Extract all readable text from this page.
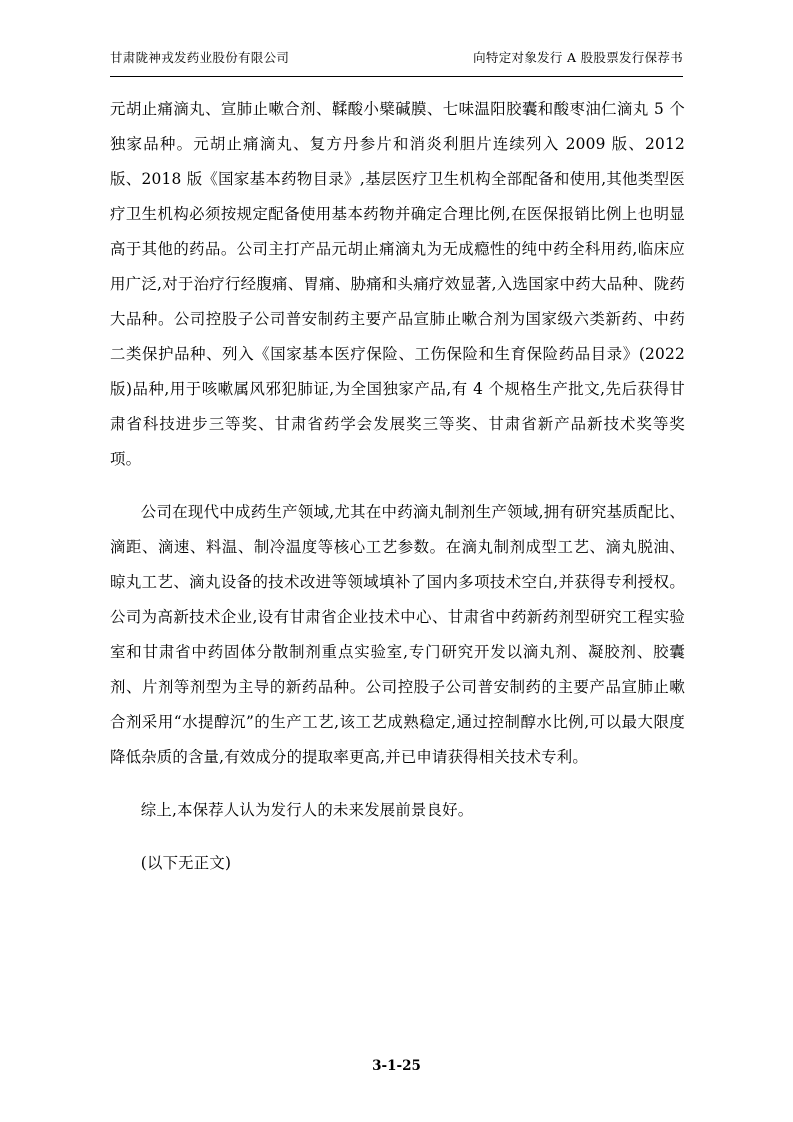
甘肃陇神戎发药业股份有限公司	向特定对象发行 A 股股票发行保荐书

元胡止痛滴丸、宣肺止嗽合剂、鞣酸小檗碱膜、七味温阳胶囊和酸枣油仁滴丸 5 个独家品种。元胡止痛滴丸、复方丹参片和消炎利胆片连续列入 2009 版、2012 版、2018 版《国家基本药物目录》,基层医疗卫生机构全部配备和使用,其他类型医疗卫生机构必须按规定配备使用基本药物并确定合理比例,在医保报销比例上也明显高于其他的药品。公司主打产品元胡止痛滴丸为无成瘾性的纯中药全科用药,临床应用广泛,对于治疗行经腹痛、胃痛、胁痛和头痛疗效显著,入选国家中药大品种、陇药大品种。公司控股子公司普安制药主要产品宣肺止嗽合剂为国家级六类新药、中药二类保护品种、列入《国家基本医疗保险、工伤保险和生育保险药品目录》(2022 版)品种,用于咳嗽属风邪犯肺证,为全国独家产品,有 4 个规格生产批文,先后获得甘肃省科技进步三等奖、甘肃省药学会发展奖三等奖、甘肃省新产品新技术奖等奖项。

公司在现代中成药生产领域,尤其在中药滴丸制剂生产领域,拥有研究基质配比、滴距、滴速、料温、制冷温度等核心工艺参数。在滴丸制剂成型工艺、滴丸脱油、晾丸工艺、滴丸设备的技术改进等领域填补了国内多项技术空白,并获得专利授权。公司为高新技术企业,设有甘肃省企业技术中心、甘肃省中药新药剂型研究工程实验室和甘肃省中药固体分散制剂重点实验室,专门研究开发以滴丸剂、凝胶剂、胶囊剂、片剂等剂型为主导的新药品种。公司控股子公司普安制药的主要产品宣肺止嗽合剂采用“水提醇沉”的生产工艺,该工艺成熟稳定,通过控制醇水比例,可以最大限度降低杂质的含量,有效成分的提取率更高,并已申请获得相关技术专利。

综上,本保荐人认为发行人的未来发展前景良好。

(以下无正文)

3-1-25
